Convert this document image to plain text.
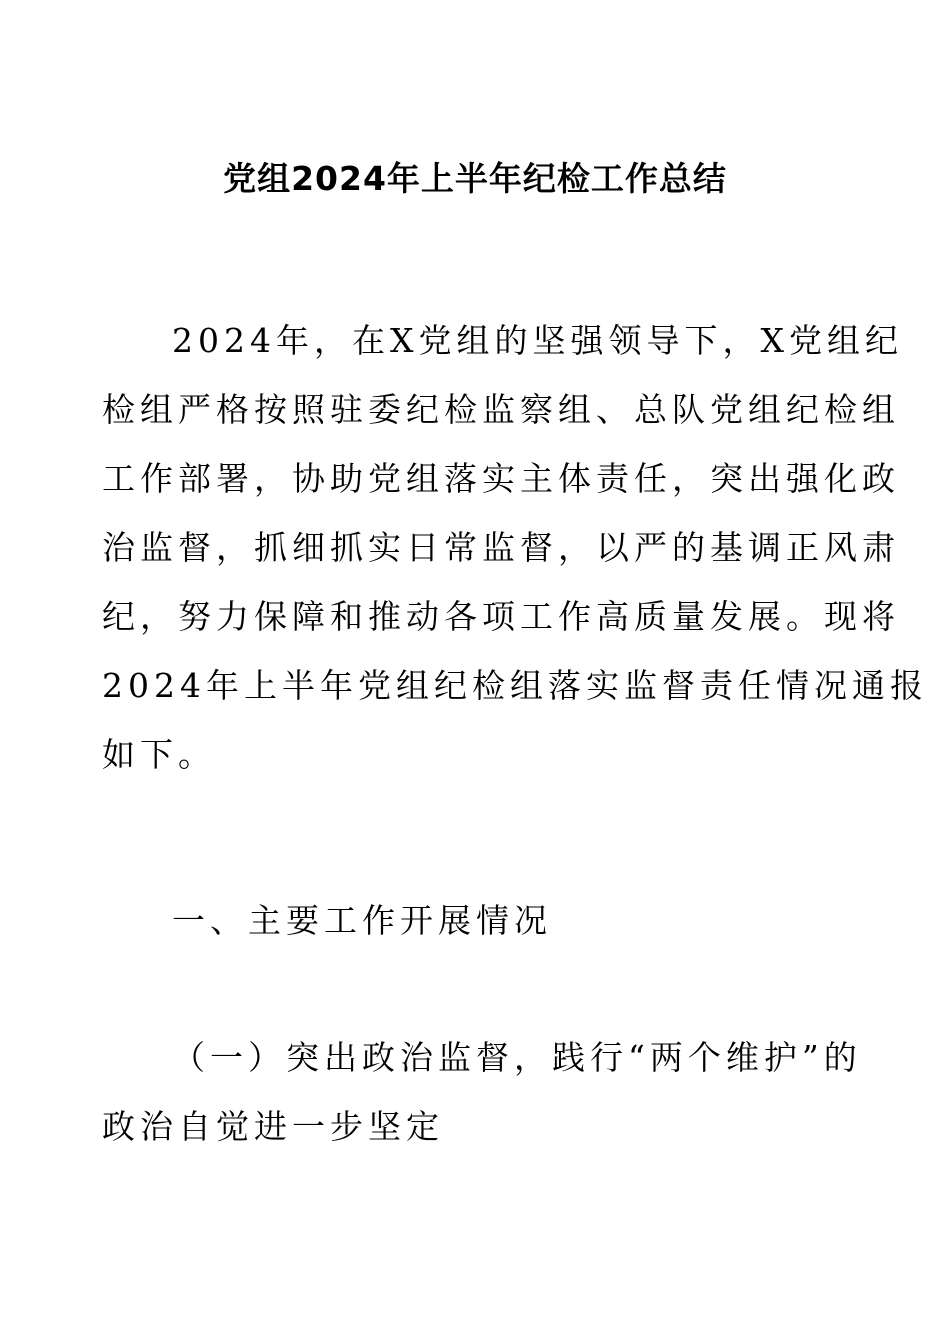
党组2024年上半年纪检工作总结
2024年，在X党组的坚强领导下，X党组纪
检组严格按照驻委纪检监察组、总队党组纪检组
工作部署，协助党组落实主体责任，突出强化政
治监督，抓细抓实日常监督，以严的基调正风肃
纪，努力保障和推动各项工作高质量发展。现将
2024年上半年党组纪检组落实监督责任情况通报
如下。
一、主要工作开展情况
（一）突出政治监督，践行“两个维护”的
政治自觉进一步坚定
